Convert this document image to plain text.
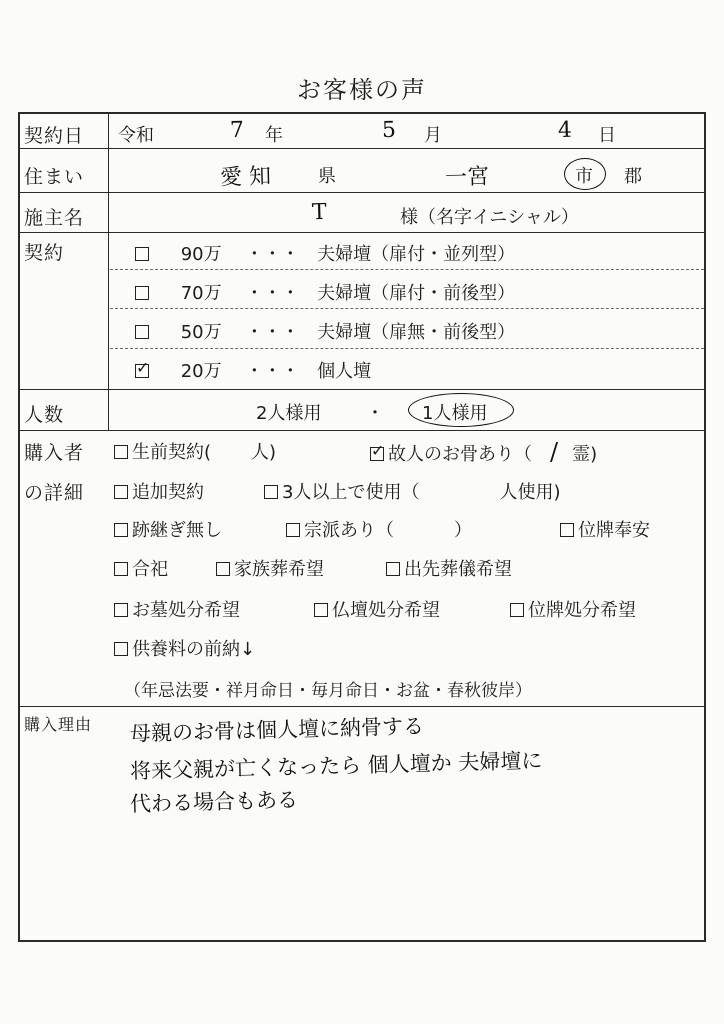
お客様の声
契約日
住まい
施主名
契約
人数
購入者
の詳細
購入理由
令和	7 年	5 月	4 日
愛 知	県	一宮	市 郡
T	様（名字イニシャル）
90万 ・・・ 夫婦壇（扉付・並列型）
70万 ・・・ 夫婦壇（扉付・前後型）
50万 ・・・ 夫婦壇（扉無・前後型）
✓ 20万 ・・・ 個人壇
2人様用 ・ 1人様用
生前契約( 人)
✓	故人のお骨あり（ / 霊)
追加契約	3人以上で使用（	人使用)
跡継ぎ無し	宗派あり（	）	位牌奉安
合祀	家族葬希望	出先葬儀希望
お墓処分希望	仏壇処分希望	位牌処分希望
供養料の前納↓
（年忌法要・祥月命日・毎月命日・お盆・春秋彼岸）
母親のお骨は個人壇に納骨する
将来父親が亡くなったら 個人壇か 夫婦壇に
代わる場合もある
